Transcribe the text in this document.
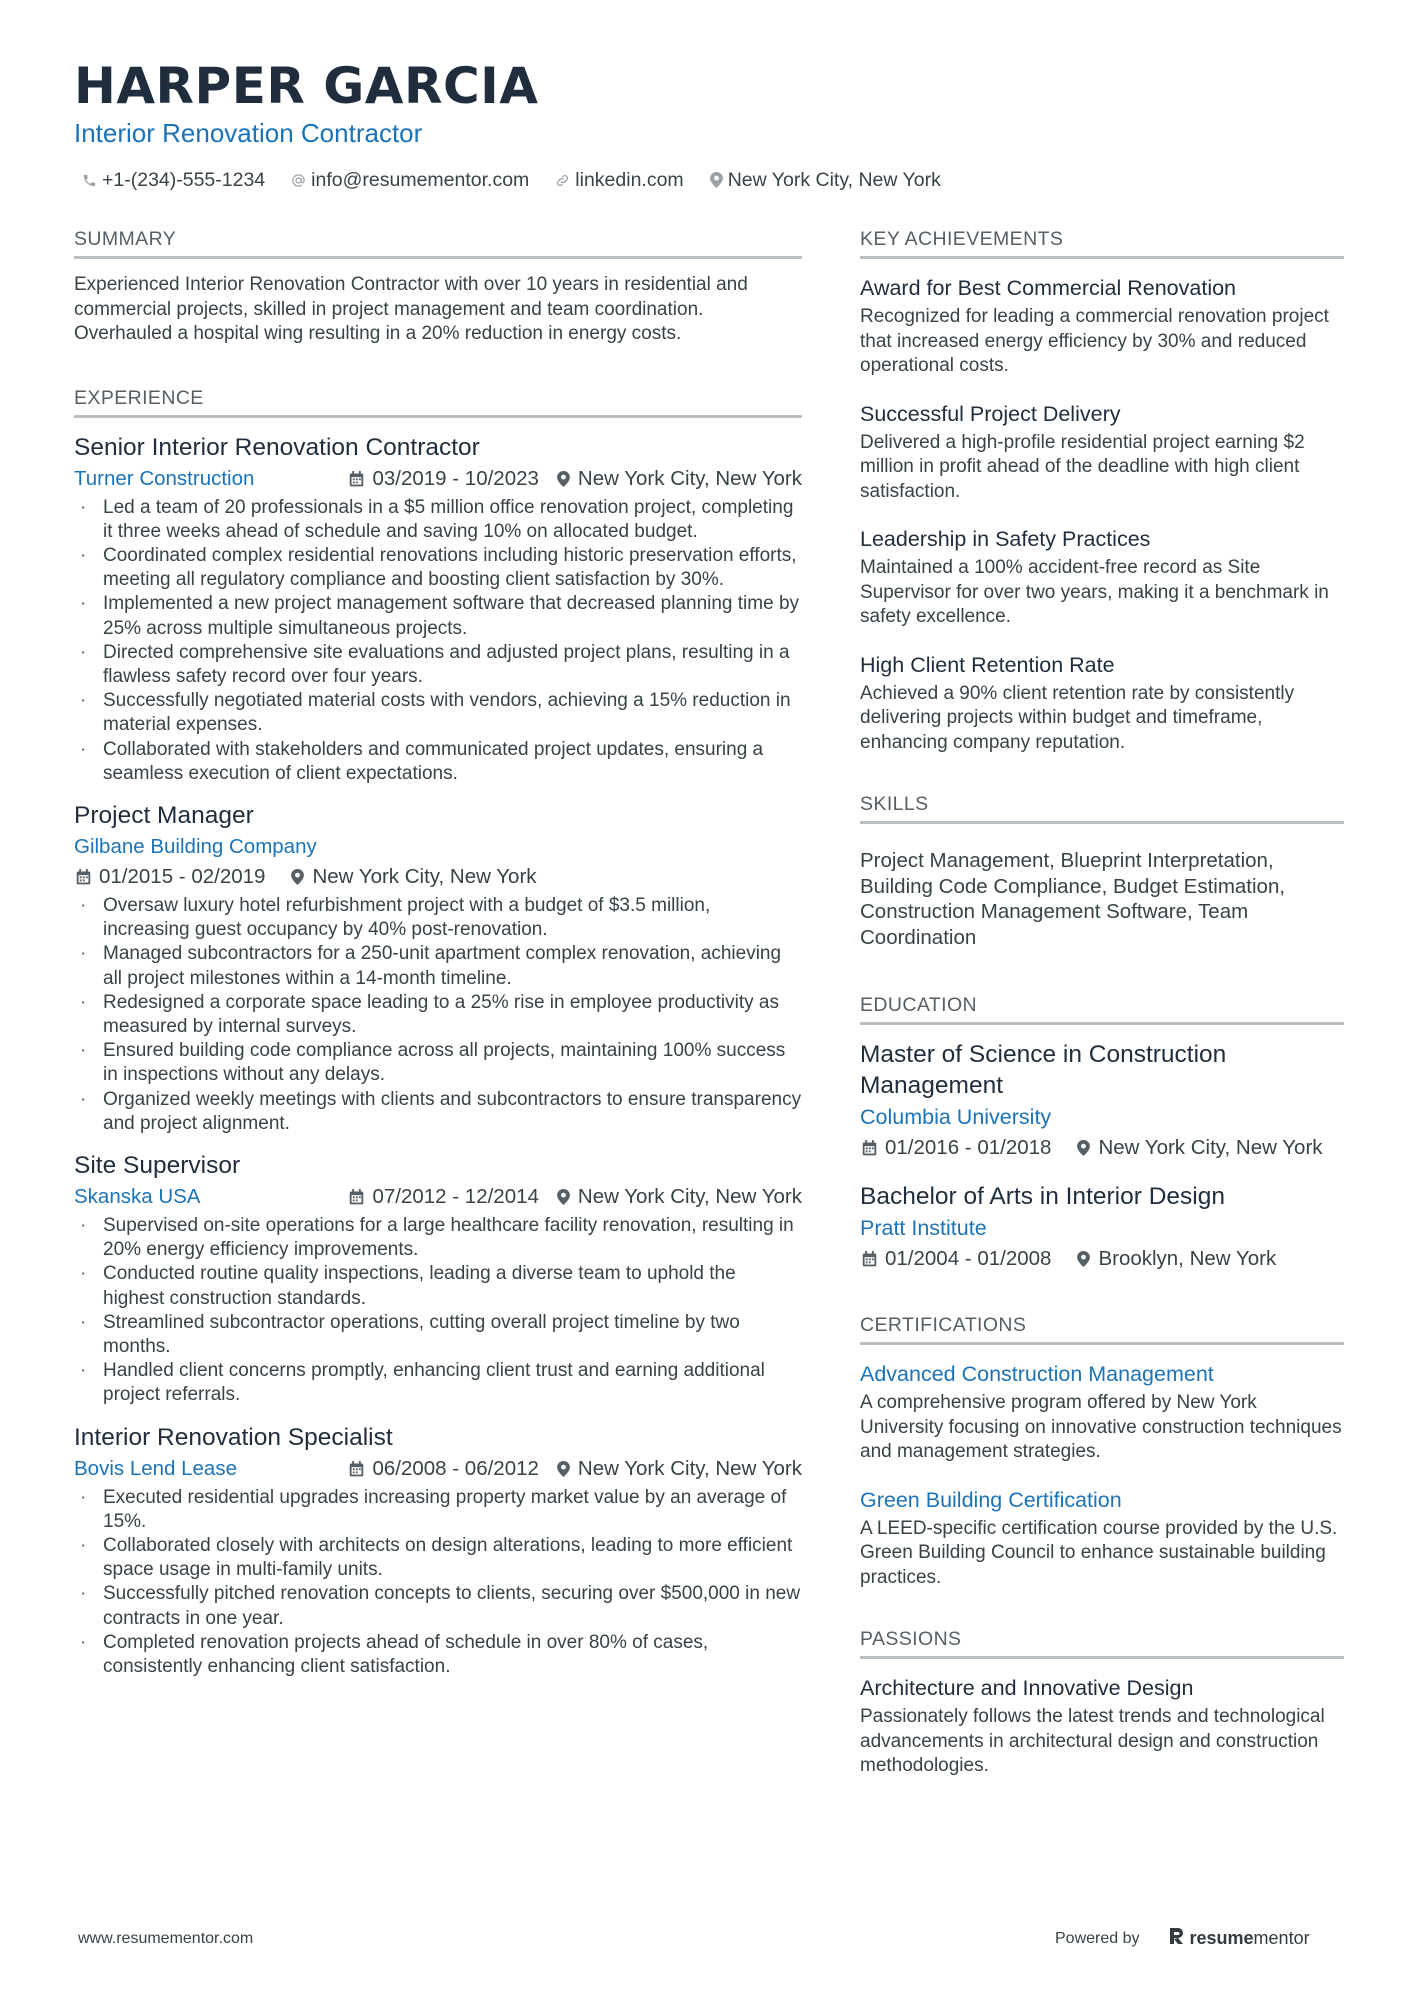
HARPER GARCIA
Interior Renovation Contractor
+1-(234)-555-1234 info@resumementor.com linkedin.com New York City, New York
SUMMARY
Experienced Interior Renovation Contractor with over 10 years in residential and commercial projects, skilled in project management and team coordination. Overhauled a hospital wing resulting in a 20% reduction in energy costs.
EXPERIENCE
Senior Interior Renovation Contractor
Turner Construction	03/2019 - 10/2023 New York City, New York
· Led a team of 20 professionals in a $5 million office renovation project, completing it three weeks ahead of schedule and saving 10% on allocated budget.
· Coordinated complex residential renovations including historic preservation efforts, meeting all regulatory compliance and boosting client satisfaction by 30%.
· Implemented a new project management software that decreased planning time by 25% across multiple simultaneous projects.
· Directed comprehensive site evaluations and adjusted project plans, resulting in a flawless safety record over four years.
· Successfully negotiated material costs with vendors, achieving a 15% reduction in material expenses.
· Collaborated with stakeholders and communicated project updates, ensuring a seamless execution of client expectations.
Project Manager
Gilbane Building Company
01/2015 - 02/2019 New York City, New York
· Oversaw luxury hotel refurbishment project with a budget of $3.5 million, increasing guest occupancy by 40% post-renovation.
· Managed subcontractors for a 250-unit apartment complex renovation, achieving all project milestones within a 14-month timeline.
· Redesigned a corporate space leading to a 25% rise in employee productivity as measured by internal surveys.
· Ensured building code compliance across all projects, maintaining 100% success in inspections without any delays.
· Organized weekly meetings with clients and subcontractors to ensure transparency and project alignment.
Site Supervisor
Skanska USA	07/2012 - 12/2014 New York City, New York
· Supervised on-site operations for a large healthcare facility renovation, resulting in 20% energy efficiency improvements.
· Conducted routine quality inspections, leading a diverse team to uphold the highest construction standards.
· Streamlined subcontractor operations, cutting overall project timeline by two months.
· Handled client concerns promptly, enhancing client trust and earning additional project referrals.
Interior Renovation Specialist
Bovis Lend Lease	06/2008 - 06/2012 New York City, New York
· Executed residential upgrades increasing property market value by an average of 15%.
· Collaborated closely with architects on design alterations, leading to more efficient space usage in multi-family units.
· Successfully pitched renovation concepts to clients, securing over $500,000 in new contracts in one year.
· Completed renovation projects ahead of schedule in over 80% of cases, consistently enhancing client satisfaction.
KEY ACHIEVEMENTS
Award for Best Commercial Renovation
Recognized for leading a commercial renovation project that increased energy efficiency by 30% and reduced operational costs.
Successful Project Delivery
Delivered a high-profile residential project earning $2 million in profit ahead of the deadline with high client satisfaction.
Leadership in Safety Practices
Maintained a 100% accident-free record as Site Supervisor for over two years, making it a benchmark in safety excellence.
High Client Retention Rate
Achieved a 90% client retention rate by consistently delivering projects within budget and timeframe, enhancing company reputation.
SKILLS
Project Management, Blueprint Interpretation, Building Code Compliance, Budget Estimation, Construction Management Software, Team Coordination
EDUCATION
Master of Science in Construction Management
Columbia University
01/2016 - 01/2018 New York City, New York
Bachelor of Arts in Interior Design
Pratt Institute
01/2004 - 01/2008 Brooklyn, New York
CERTIFICATIONS
Advanced Construction Management
A comprehensive program offered by New York University focusing on innovative construction techniques and management strategies.
Green Building Certification
A LEED-specific certification course provided by the U.S. Green Building Council to enhance sustainable building practices.
PASSIONS
Architecture and Innovative Design
Passionately follows the latest trends and technological advancements in architectural design and construction methodologies.
www.resumementor.com	Powered by	resumementor
